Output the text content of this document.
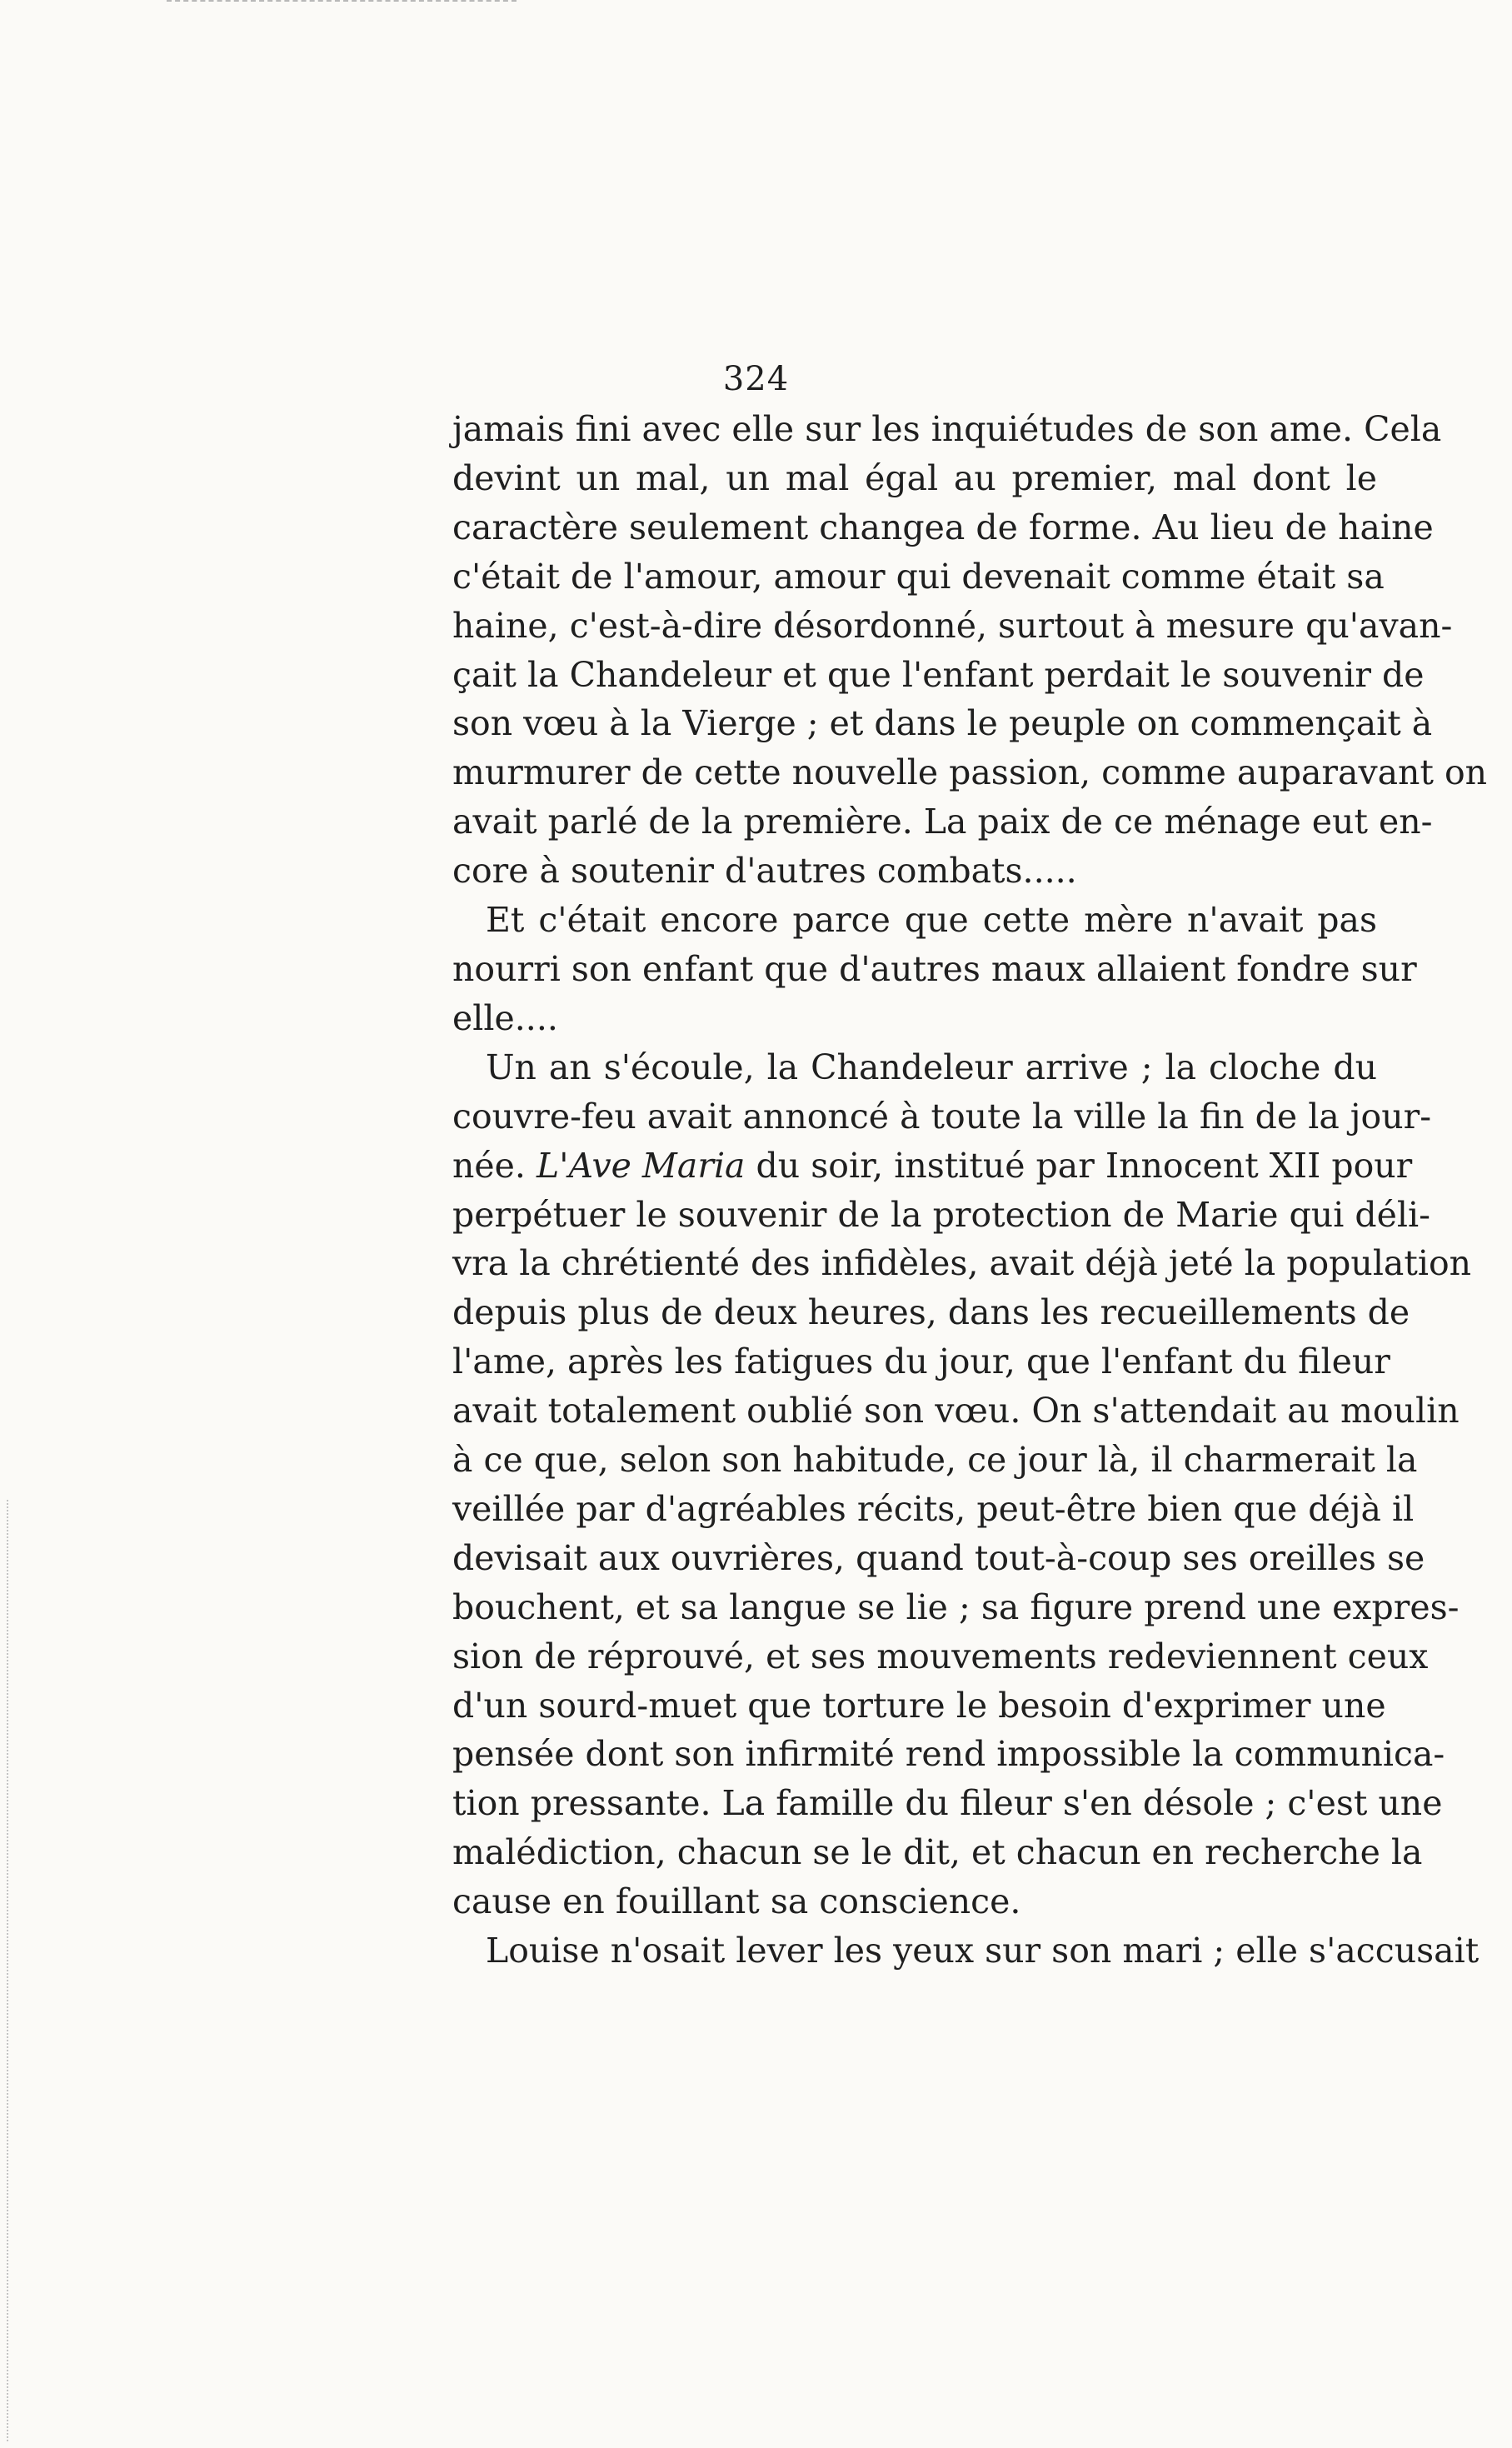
324
jamais fini avec elle sur les inquiétudes de son ame. Cela
devint un mal, un mal égal au premier, mal dont le
caractère seulement changea de forme. Au lieu de haine
c'était de l'amour, amour qui devenait comme était sa
haine, c'est-à-dire désordonné, surtout à mesure qu'avan-
çait la Chandeleur et que l'enfant perdait le souvenir de
son vœu à la Vierge ; et dans le peuple on commençait à
murmurer de cette nouvelle passion, comme auparavant on
avait parlé de la première. La paix de ce ménage eut en-
core à soutenir d'autres combats.....
Et c'était encore parce que cette mère n'avait pas
nourri son enfant que d'autres maux allaient fondre sur
elle....
Un an s'écoule, la Chandeleur arrive ; la cloche du
couvre-feu avait annoncé à toute la ville la fin de la jour-
née. L'Ave Maria du soir, institué par Innocent XII pour
perpétuer le souvenir de la protection de Marie qui déli-
vra la chrétienté des infidèles, avait déjà jeté la population
depuis plus de deux heures, dans les recueillements de
l'ame, après les fatigues du jour, que l'enfant du fileur
avait totalement oublié son vœu. On s'attendait au moulin
à ce que, selon son habitude, ce jour là, il charmerait la
veillée par d'agréables récits, peut-être bien que déjà il
devisait aux ouvrières, quand tout-à-coup ses oreilles se
bouchent, et sa langue se lie ; sa figure prend une expres-
sion de réprouvé, et ses mouvements redeviennent ceux
d'un sourd-muet que torture le besoin d'exprimer une
pensée dont son infirmité rend impossible la communica-
tion pressante. La famille du fileur s'en désole ; c'est une
malédiction, chacun se le dit, et chacun en recherche la
cause en fouillant sa conscience.
Louise n'osait lever les yeux sur son mari ; elle s'accusait
